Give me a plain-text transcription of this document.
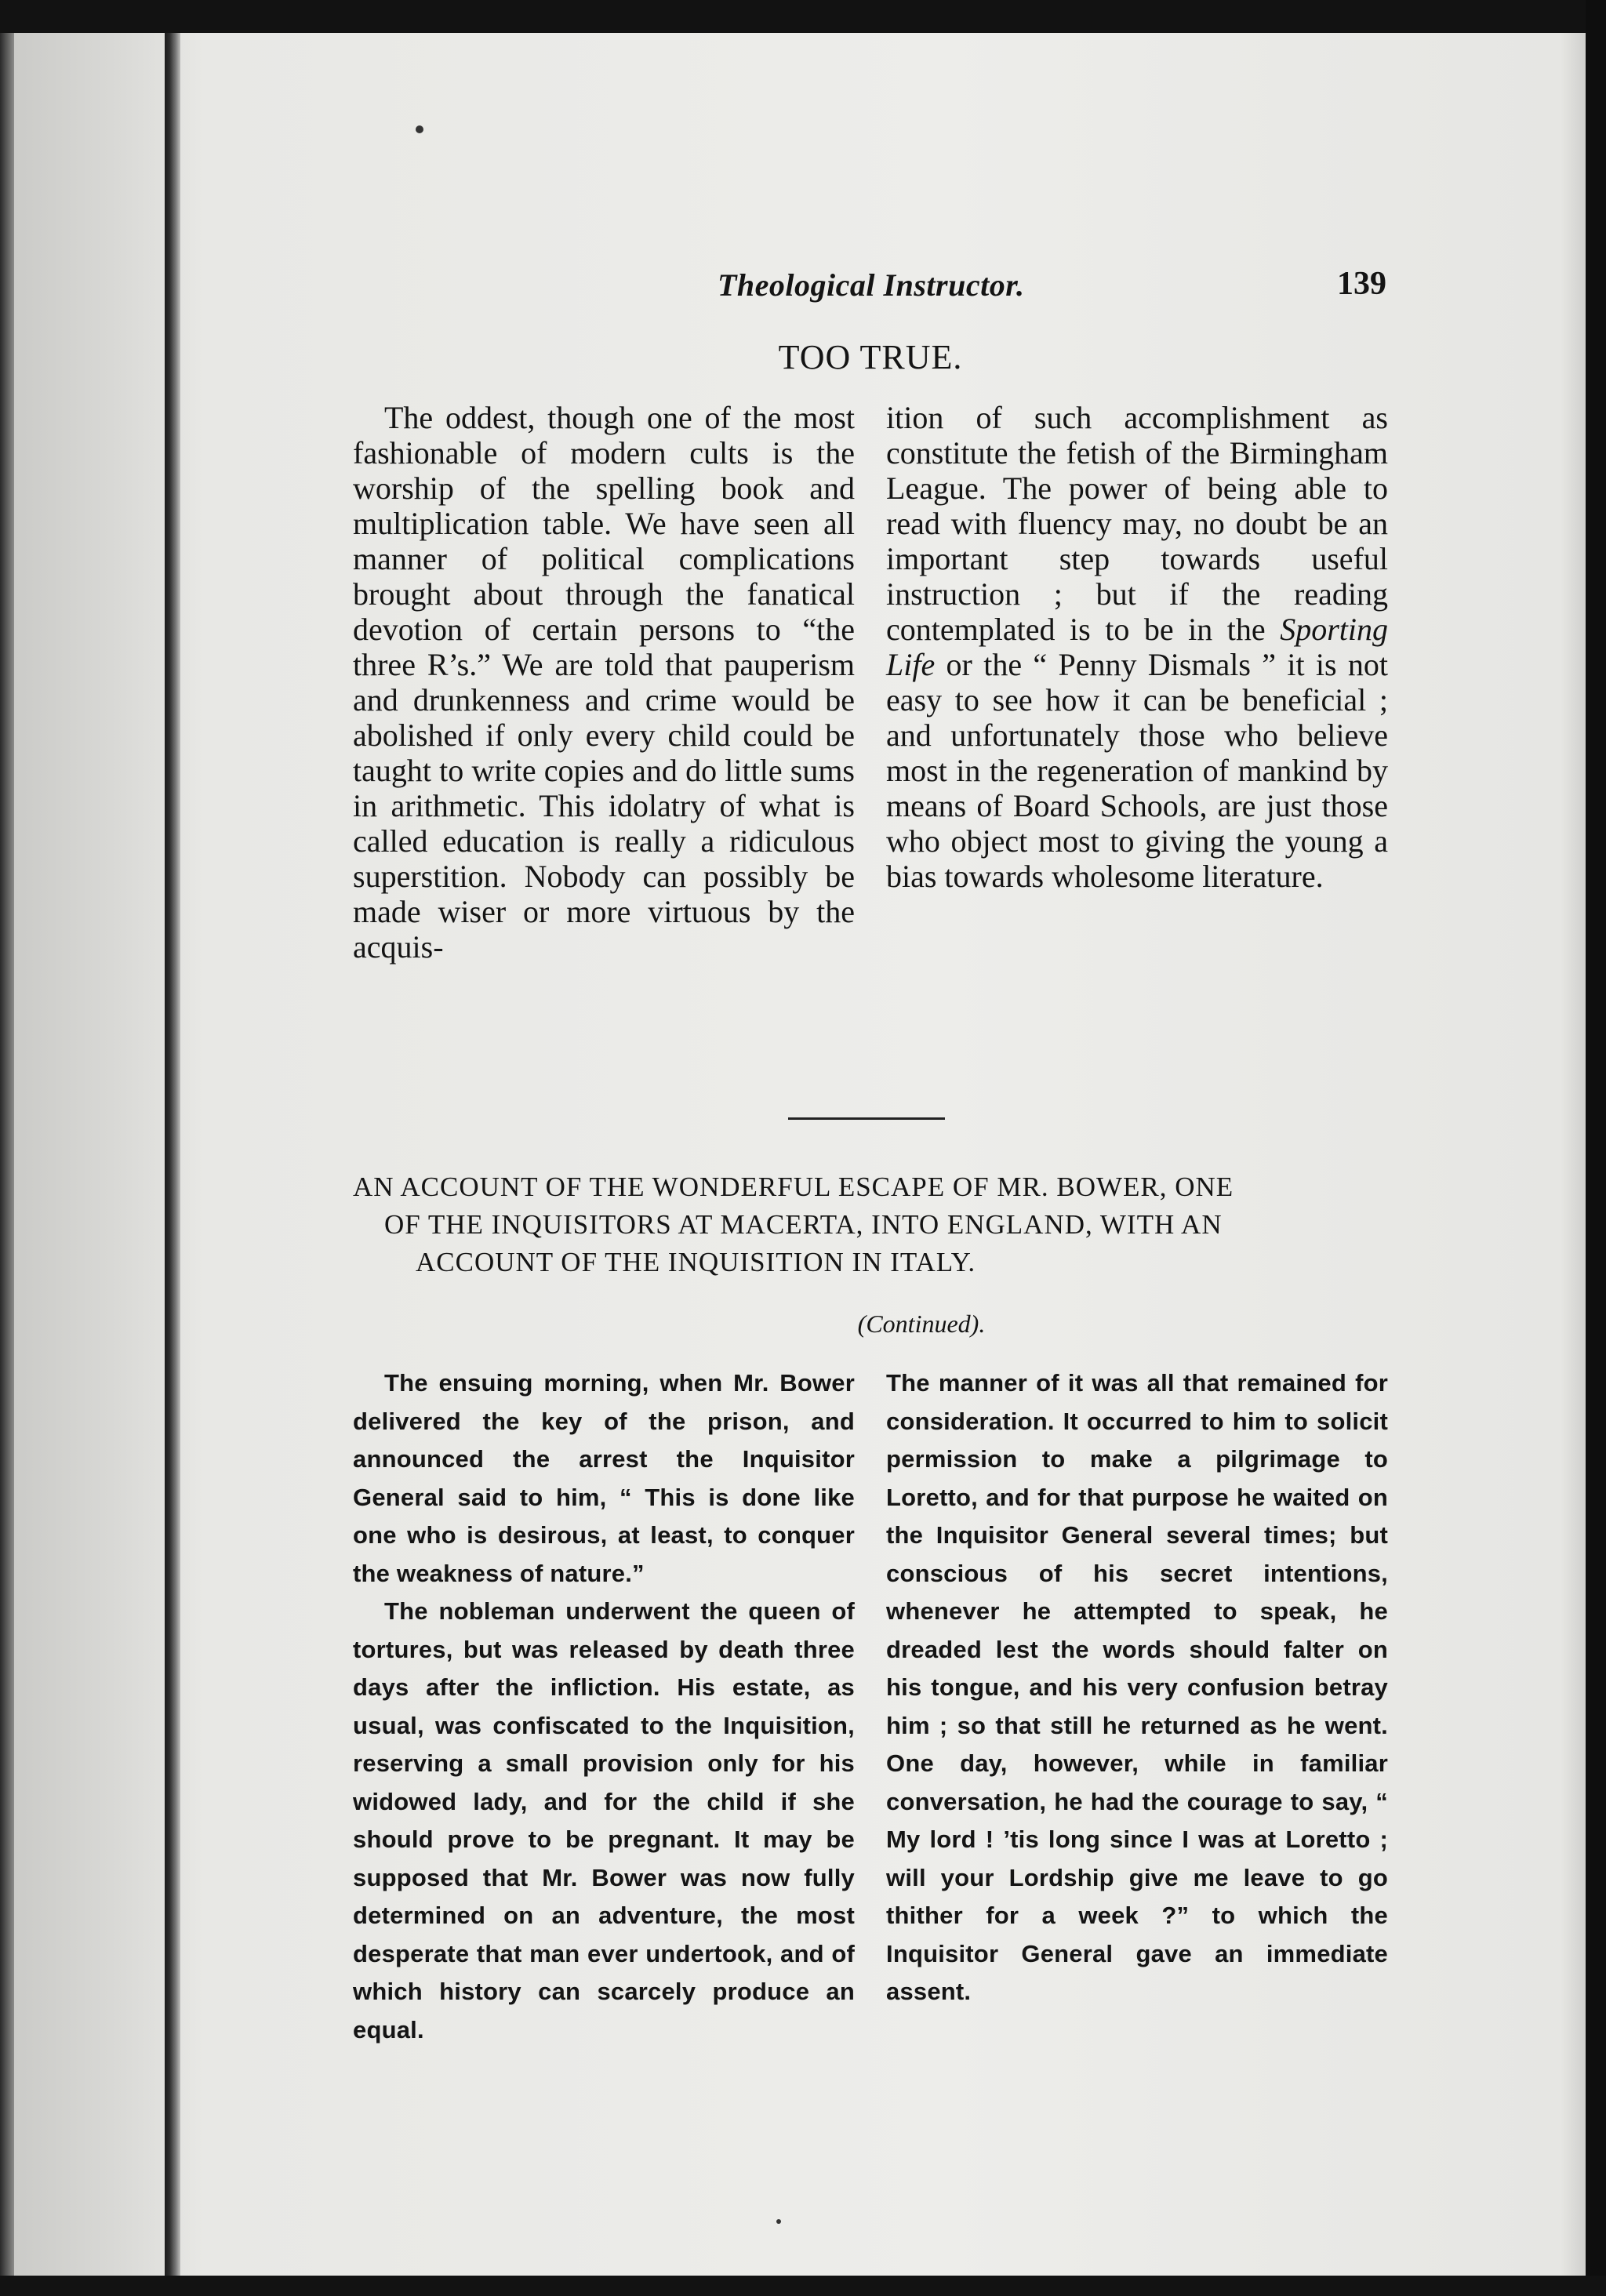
Theological Instructor.	139
TOO TRUE.

The oddest, though one of the most fashionable of modern cults is the worship of the spelling book and multiplication table. We have seen all manner of political complications brought about through the fanatical devotion of certain persons to “the three R’s.” We are told that pauperism and drunkenness and crime would be abolished if only every child could be taught to write copies and do little sums in arithmetic. This idolatry of what is called education is really a ridiculous superstition. Nobody can possibly be made wiser or more virtuous by the acquis-

ition of such accomplishment as constitute the fetish of the Birmingham League. The power of being able to read with fluency may, no doubt be an important step towards useful instruction ; but if the reading contemplated is to be in the Sporting Life or the “ Penny Dismals ” it is not easy to see how it can be beneficial ; and unfortunately those who believe most in the regeneration of mankind by means of Board Schools, are just those who object most to giving the young a bias towards wholesome literature.

AN ACCOUNT OF THE WONDERFUL ESCAPE OF MR. BOWER, ONE
OF THE INQUISITORS AT MACERTA, INTO ENGLAND, WITH AN
ACCOUNT OF THE INQUISITION IN ITALY.
(Continued).

The ensuing morning, when Mr. Bower delivered the key of the prison, and announced the arrest the Inquisitor General said to him, “ This is done like one who is desirous, at least, to conquer the weakness of nature.”

The nobleman underwent the queen of tortures, but was released by death three days after the infliction. His estate, as usual, was confiscated to the Inquisition, reserving a small provision only for his widowed lady, and for the child if she should prove to be pregnant. It may be supposed that Mr. Bower was now fully determined on an adventure, the most desperate that man ever undertook, and of which history can scarcely produce an equal.

The manner of it was all that remained for consideration. It occurred to him to solicit permission to make a pilgrimage to Loretto, and for that purpose he waited on the Inquisitor General several times; but conscious of his secret intentions, whenever he attempted to speak, he dreaded lest the words should falter on his tongue, and his very confusion betray him ; so that still he returned as he went. One day, however, while in familiar conversation, he had the courage to say, “ My lord ! ’tis long since I was at Loretto ; will your Lordship give me leave to go thither for a week ?” to which the Inquisitor General gave an immediate assent.
